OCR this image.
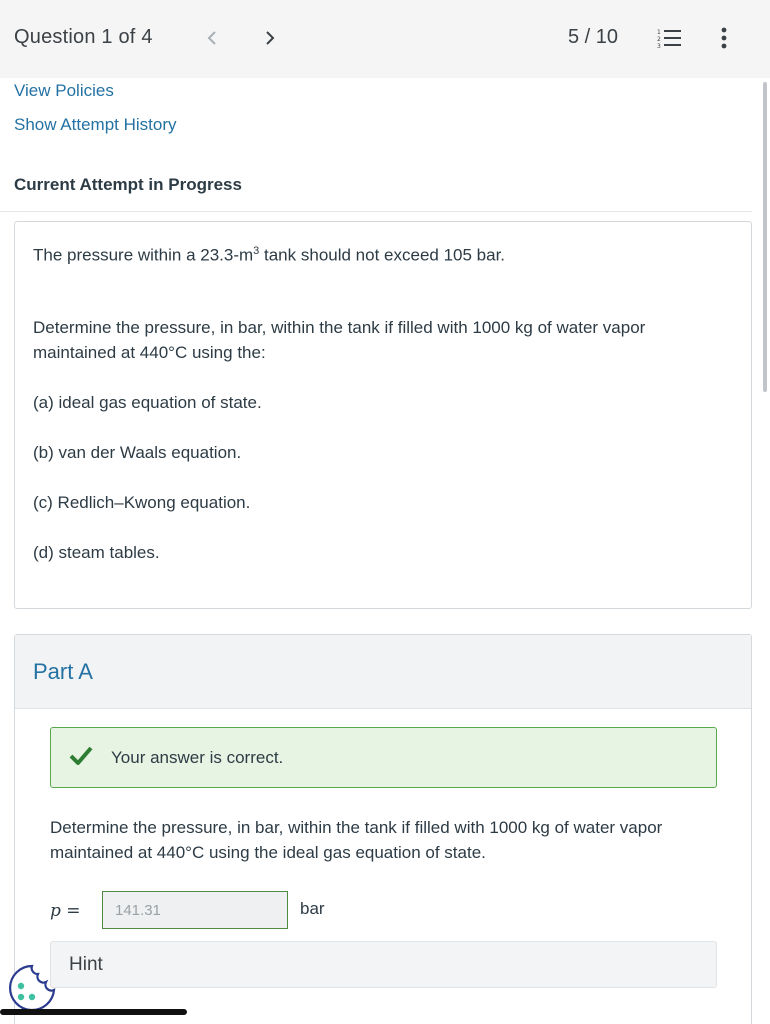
Question 1 of 4	5 / 10	1
2
3
View Policies
Show Attempt History
Current Attempt in Progress
The pressure within a $23.3-m^3$ tank should not exceed 105 bar.
Determine the pressure, in bar, within the tank if filled with 1000 kg of water vapor maintained at 440°C using the:
(a) ideal gas equation of state.
(b) van der Waals equation.
(c) Redlich–Kwong equation.
(d) steam tables.
Part A
Your answer is correct.
Determine the pressure, in bar, within the tank if filled with 1000 kg of water vapor maintained at 440°C using the ideal gas equation of state.
p =
141.31	bar
Hint
